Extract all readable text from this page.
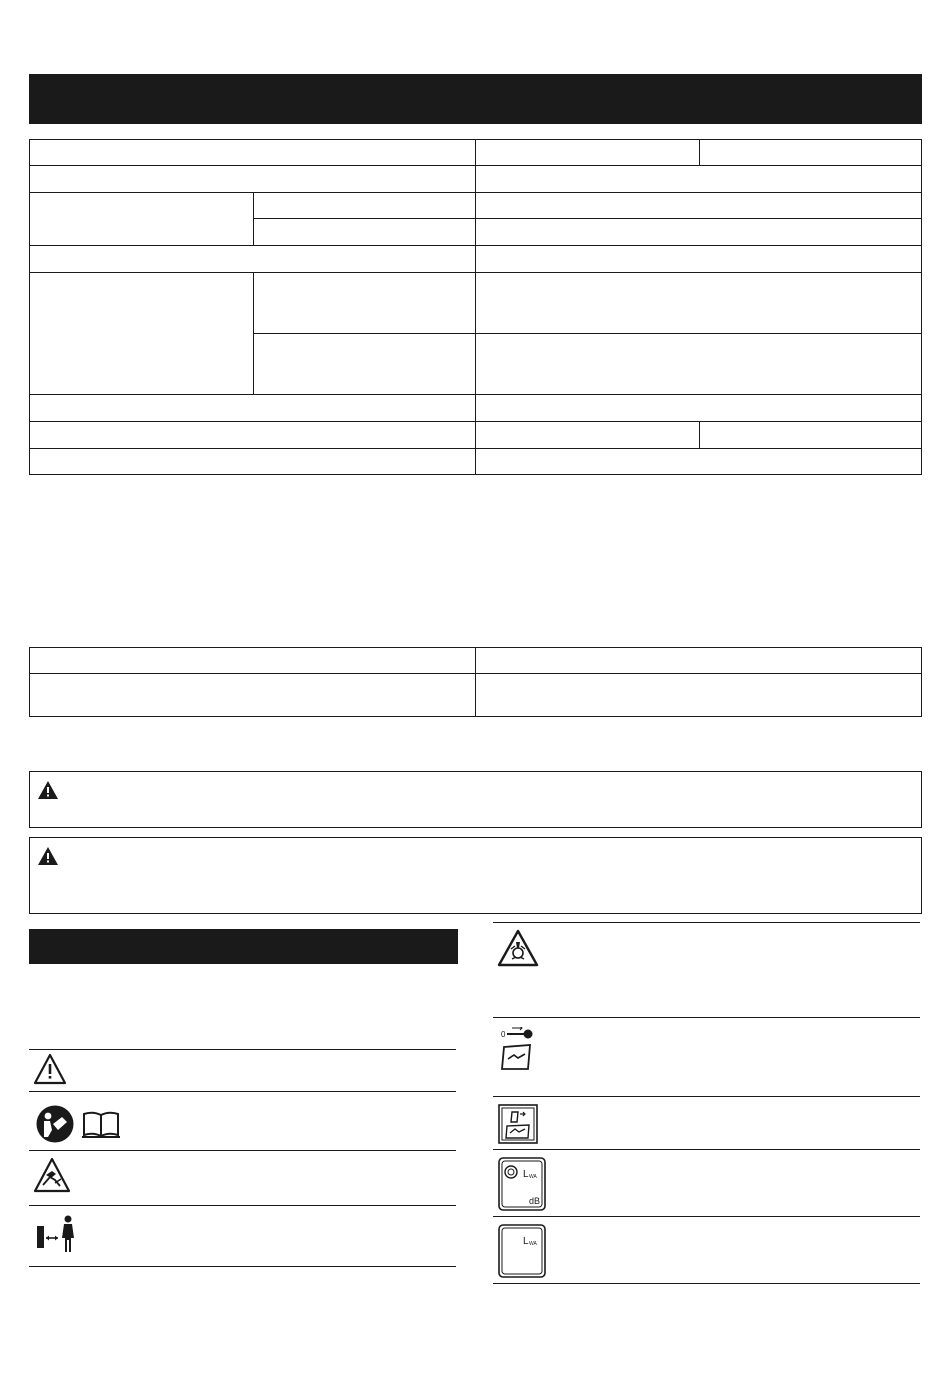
0
L WA
dB
L WA
